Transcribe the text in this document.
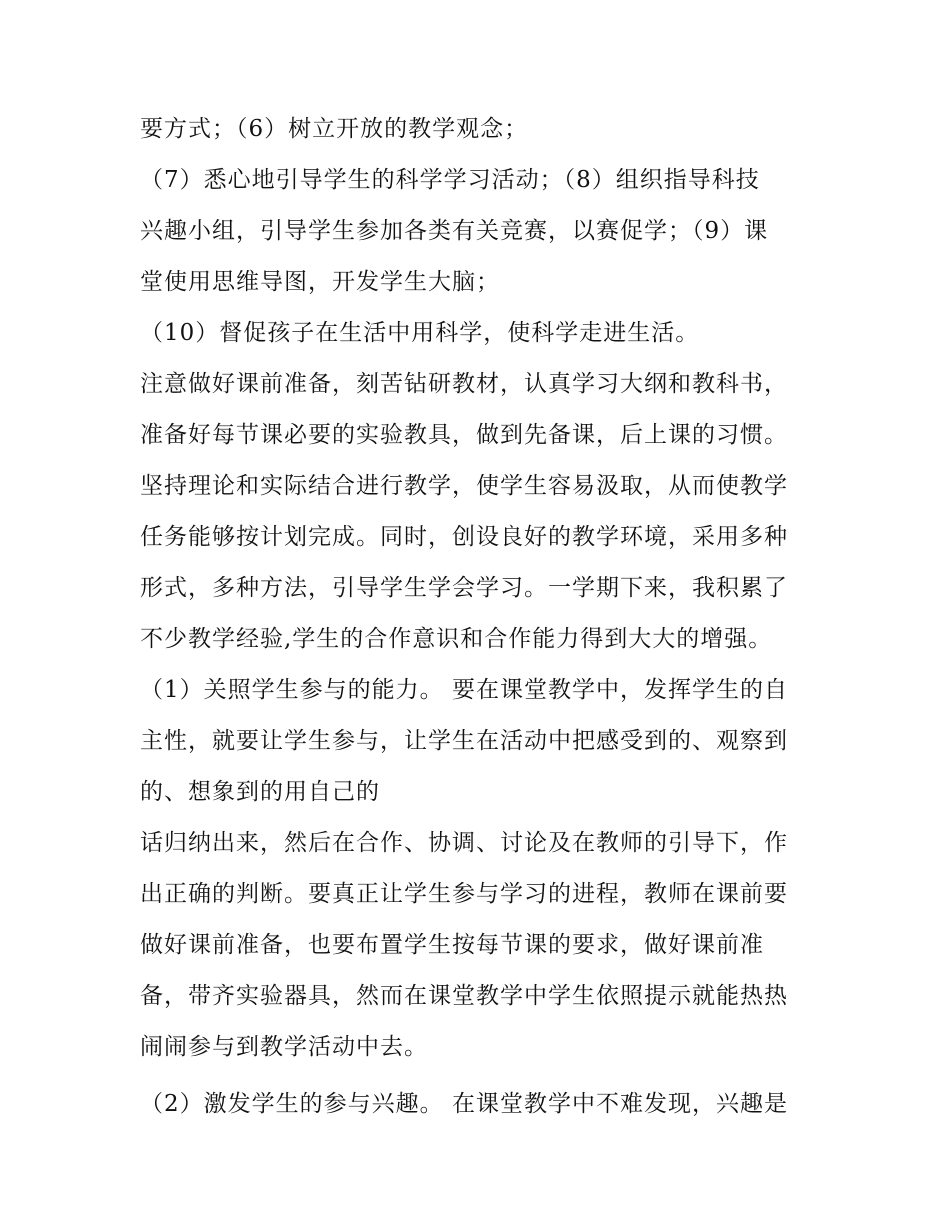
要方式；（6）树立开放的教学观念；
（7）悉心地引导学生的科学学习活动；（8）组织指导科技
兴趣小组，引导学生参加各类有关竞赛，以赛促学；（9）课
堂使用思维导图，开发学生大脑；
（10）督促孩子在生活中用科学，使科学走进生活。
注意做好课前准备，刻苦钻研教材，认真学习大纲和教科书，
准备好每节课必要的实验教具，做到先备课，后上课的习惯。
坚持理论和实际结合进行教学，使学生容易汲取，从而使教学
任务能够按计划完成。同时，创设良好的教学环境，采用多种
形式，多种方法，引导学生学会学习。一学期下来，我积累了
不少教学经验,学生的合作意识和合作能力得到大大的增强。
（1）关照学生参与的能力。 要在课堂教学中，发挥学生的自
主性，就要让学生参与，让学生在活动中把感受到的、观察到
的、想象到的用自己的
话归纳出来，然后在合作、协调、讨论及在教师的引导下，作
出正确的判断。要真正让学生参与学习的进程，教师在课前要
做好课前准备，也要布置学生按每节课的要求，做好课前准
备，带齐实验器具，然而在课堂教学中学生依照提示就能热热
闹闹参与到教学活动中去。
（2）激发学生的参与兴趣。 在课堂教学中不难发现，兴趣是
